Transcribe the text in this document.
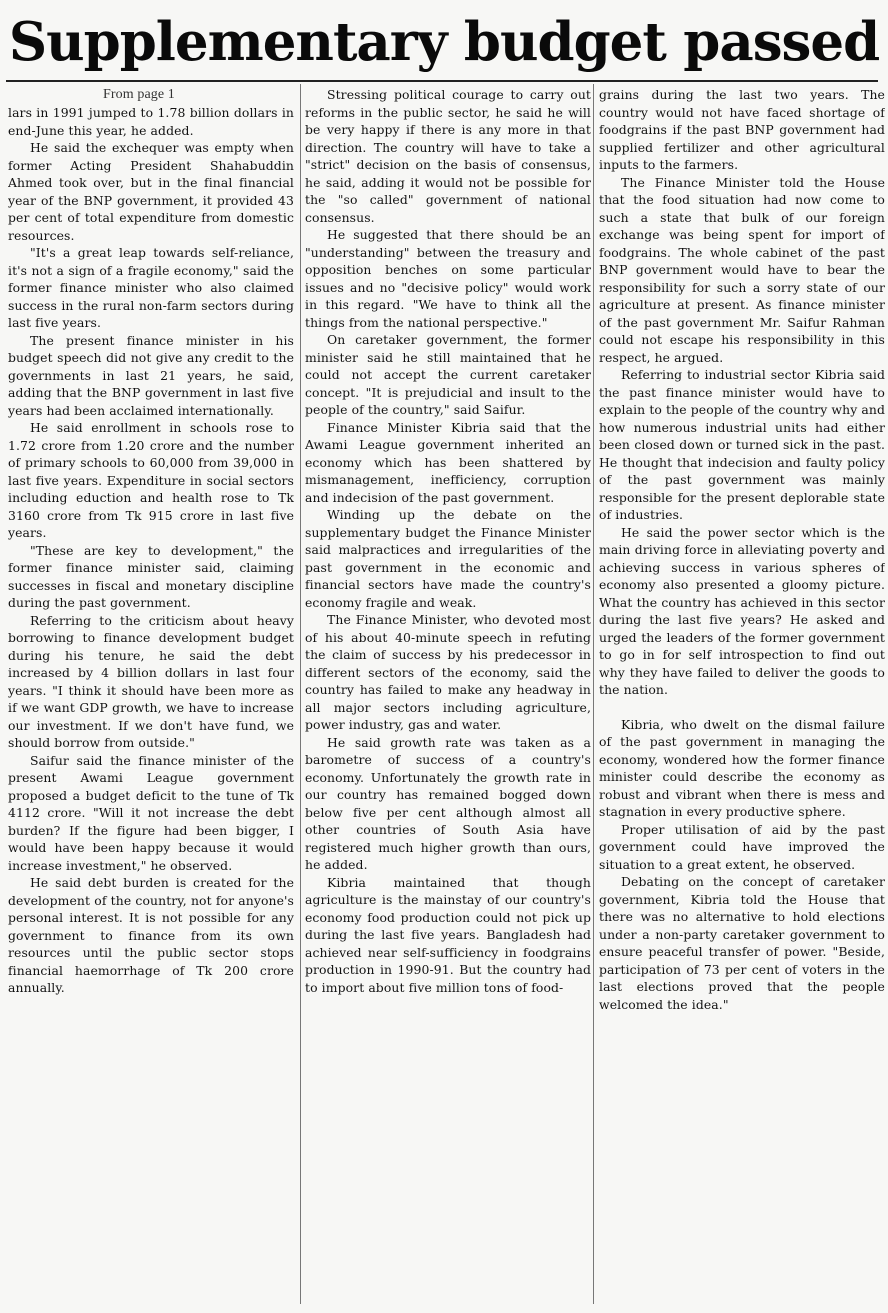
Supplementary budget passed
From page 1

lars in 1991 jumped to 1.78 billion dollars in end-June this year, he added.

He said the exchequer was empty when former Acting President Shahabuddin Ahmed took over, but in the final financial year of the BNP government, it provided 43 per cent of total expenditure from domestic resources.

"It's a great leap towards self-reliance, it's not a sign of a fragile economy," said the former finance minister who also claimed success in the rural non-farm sectors during last five years.

The present finance minister in his budget speech did not give any credit to the governments in last 21 years, he said, adding that the BNP government in last five years had been acclaimed internationally.

He said enrollment in schools rose to 1.72 crore from 1.20 crore and the number of primary schools to 60,000 from 39,000 in last five years. Expenditure in social sectors including eduction and health rose to Tk 3160 crore from Tk 915 crore in last five years.

"These are key to development," the former finance minister said, claiming successes in fiscal and monetary discipline during the past government.

Referring to the criticism about heavy borrowing to finance development budget during his tenure, he said the debt increased by 4 billion dollars in last four years. "I think it should have been more as if we want GDP growth, we have to increase our investment. If we don't have fund, we should borrow from outside."

Saifur said the finance minister of the present Awami League government proposed a budget deficit to the tune of Tk 4112 crore. "Will it not increase the debt burden? If the figure had been bigger, I would have been happy because it would increase investment," he observed.

He said debt burden is created for the development of the country, not for anyone's personal interest. It is not possible for any government to finance from its own resources until the public sector stops financial haemorrhage of Tk 200 crore annually.

Stressing political courage to carry out reforms in the public sector, he said he will be very happy if there is any more in that direction. The country will have to take a "strict" decision on the basis of consensus, he said, adding it would not be possible for the "so called" government of national consensus.

He suggested that there should be an "understanding" between the treasury and opposition benches on some particular issues and no "decisive policy" would work in this regard. "We have to think all the things from the national perspective."

On caretaker government, the former minister said he still maintained that he could not accept the current caretaker concept. "It is prejudicial and insult to the people of the country," said Saifur.

Finance Minister Kibria said that the Awami League government inherited an economy which has been shattered by mismanagement, inefficiency, corruption and indecision of the past government.

Winding up the debate on the supplementary budget the Finance Minister said malpractices and irregularities of the past government in the economic and financial sectors have made the country's economy fragile and weak.

The Finance Minister, who devoted most of his about 40-minute speech in refuting the claim of success by his predecessor in different sectors of the economy, said the country has failed to make any headway in all major sectors including agriculture, power industry, gas and water.

He said growth rate was taken as a barometre of success of a country's economy. Unfortunately the growth rate in our country has remained bogged down below five per cent although almost all other countries of South Asia have registered much higher growth than ours, he added.

Kibria maintained that though agriculture is the mainstay of our country's economy food production could not pick up during the last five years. Bangladesh had achieved near self-sufficiency in foodgrains production in 1990-91. But the country had to import about five million tons of food-

grains during the last two years. The country would not have faced shortage of foodgrains if the past BNP government had supplied fertilizer and other agricultural inputs to the farmers.

The Finance Minister told the House that the food situation had now come to such a state that bulk of our foreign exchange was being spent for import of foodgrains. The whole cabinet of the past BNP government would have to bear the responsibility for such a sorry state of our agriculture at present. As finance minister of the past government Mr. Saifur Rahman could not escape his responsibility in this respect, he argued.

Referring to industrial sector Kibria said the past finance minister would have to explain to the people of the country why and how numerous industrial units had either been closed down or turned sick in the past. He thought that indecision and faulty policy of the past government was mainly responsible for the present deplorable state of industries.

He said the power sector which is the main driving force in alleviating poverty and achieving success in various spheres of economy also presented a gloomy picture. What the country has achieved in this sector during the last five years? He asked and urged the leaders of the former government to go in for self introspection to find out why they have failed to deliver the goods to the nation.

Kibria, who dwelt on the dismal failure of the past government in managing the economy, wondered how the former finance minister could describe the economy as robust and vibrant when there is mess and stagnation in every productive sphere.

Proper utilisation of aid by the past government could have improved the situation to a great extent, he observed.

Debating on the concept of caretaker government, Kibria told the House that there was no alternative to hold elections under a non-party caretaker government to ensure peaceful transfer of power. "Beside, participation of 73 per cent of voters in the last elections proved that the people welcomed the idea."
